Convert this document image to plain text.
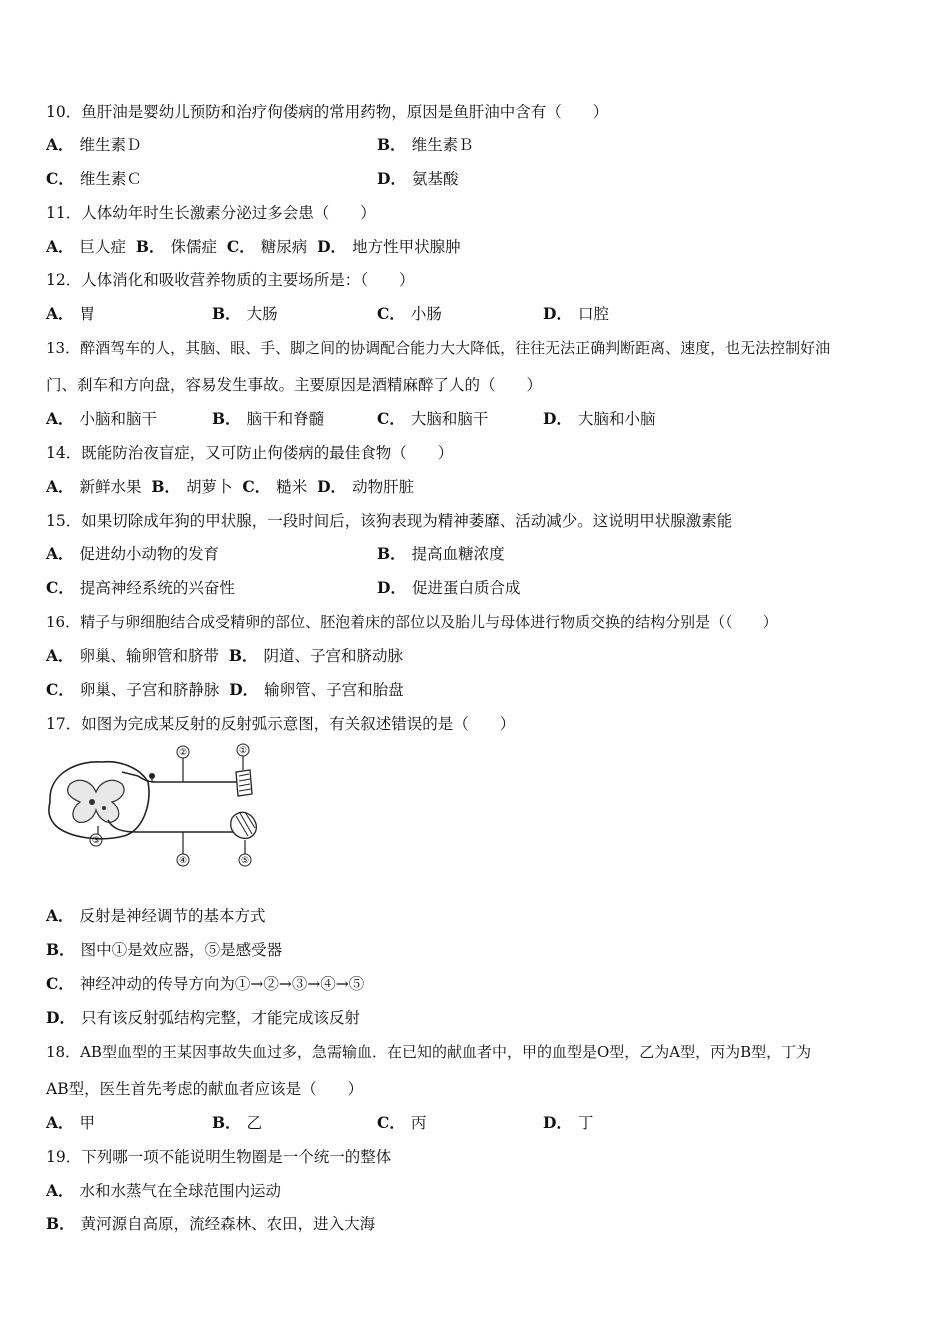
10．鱼肝油是婴幼儿预防和治疗佝偻病的常用药物，原因是鱼肝油中含有（　　）
A． 维生素Ｄ	B． 维生素Ｂ
C． 维生素Ｃ	D． 氨基酸
11．人体幼年时生长激素分泌过多会患（　　）
A． 巨人症 B． 侏儒症 C． 糖尿病 D． 地方性甲状腺肿
12．人体消化和吸收营养物质的主要场所是：（　　）
A． 胃	B． 大肠	C． 小肠	D． 口腔
13．醉酒驾车的人，其脑、眼、手、脚之间的协调配合能力大大降低，往往无法正确判断距离、速度，也无法控制好油
门、刹车和方向盘，容易发生事故。主要原因是酒精麻醉了人的（　　）
A． 小脑和脑干	B． 脑干和脊髓	C． 大脑和脑干	D． 大脑和小脑
14．既能防治夜盲症，又可防止佝偻病的最佳食物（　　）
A． 新鲜水果 B． 胡萝卜 C． 糙米 D． 动物肝脏
15．如果切除成年狗的甲状腺，一段时间后，该狗表现为精神萎靡、活动减少。这说明甲状腺激素能
A． 促进幼小动物的发育	B． 提高血糖浓度
C． 提高神经系统的兴奋性	D． 促进蛋白质合成
16．精子与卵细胞结合成受精卵的部位、胚泡着床的部位以及胎儿与母体进行物质交换的结构分别是（（　　）
A． 卵巢、输卵管和脐带 B． 阴道、子宫和脐动脉
C． 卵巢、子宫和脐静脉 D． 输卵管、子宫和胎盘
17．如图为完成某反射的反射弧示意图，有关叙述错误的是（　　）
②	①
③
④	⑤
A． 反射是神经调节的基本方式
B． 图中①是效应器，⑤是感受器
C． 神经冲动的传导方向为①→②→③→④→⑤
D． 只有该反射弧结构完整，才能完成该反射
18．AB型血型的王某因事故失血过多，急需输血．在已知的献血者中，甲的血型是O型，乙为A型，丙为B型，丁为
AB型，医生首先考虑的献血者应该是（　　）
A． 甲	B． 乙	C． 丙	D． 丁
19．下列哪一项不能说明生物圈是一个统一的整体
A． 水和水蒸气在全球范围内运动
B． 黄河源自高原，流经森林、农田，进入大海
